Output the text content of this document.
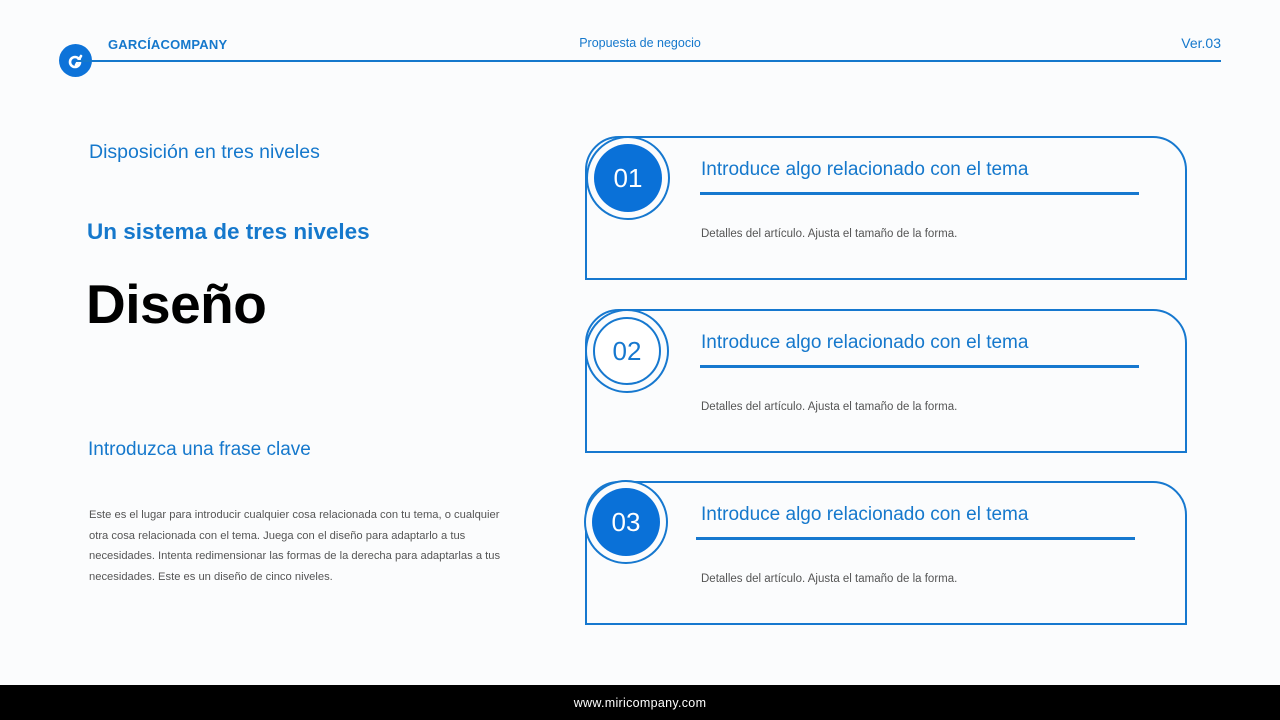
GARCÍACOMPANY	Propuesta de negocio	Ver.03
Disposición en tres niveles
Un sistema de tres niveles
Diseño
Introduzca una frase clave
Este es el lugar para introducir cualquier cosa relacionada con tu tema, o cualquier otra cosa relacionada con el tema. Juega con el diseño para adaptarlo a tus necesidades. Intenta redimensionar las formas de la derecha para adaptarlas a tus necesidades. Este es un diseño de cinco niveles.
01	Introduce algo relacionado con el tema
Detalles del artículo. Ajusta el tamaño de la forma.
02	Introduce algo relacionado con el tema
Detalles del artículo. Ajusta el tamaño de la forma.
03	Introduce algo relacionado con el tema
Detalles del artículo. Ajusta el tamaño de la forma.
www.miricompany.com
